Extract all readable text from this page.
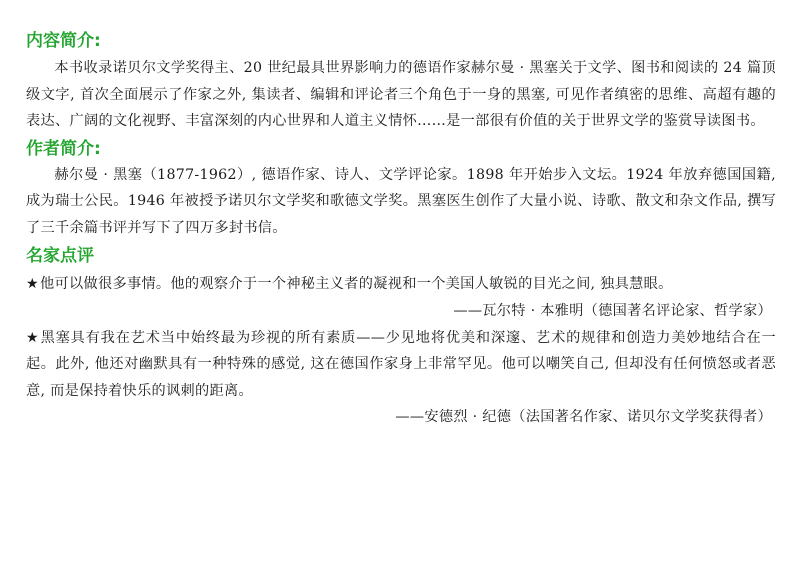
内容简介:

本书收录诺贝尔文学奖得主、20 世纪最具世界影响力的德语作家赫尔曼 · 黑塞关于文学、图书和阅读的 24 篇顶级文字, 首次全面展示了作家之外, 集读者、编辑和评论者三个角色于一身的黑塞, 可见作者缜密的思维、高超有趣的表达、广阔的文化视野、丰富深刻的内心世界和人道主义情怀……是一部很有价值的关于世界文学的鉴赏导读图书。

作者简介:

赫尔曼 · 黑塞（1877-1962）, 德语作家、诗人、文学评论家。1898 年开始步入文坛。1924 年放弃德国国籍, 成为瑞士公民。1946 年被授予诺贝尔文学奖和歌德文学奖。黑塞医生创作了大量小说、诗歌、散文和杂文作品, 撰写了三千余篇书评并写下了四万多封书信。

名家点评

★他可以做很多事情。他的观察介于一个神秘主义者的凝视和一个美国人敏锐的目光之间, 独具慧眼。

——瓦尔特 · 本雅明（德国著名评论家、哲学家）

★黑塞具有我在艺术当中始终最为珍视的所有素质——少见地将优美和深邃、艺术的规律和创造力美妙地结合在一起。此外, 他还对幽默具有一种特殊的感觉, 这在德国作家身上非常罕见。他可以嘲笑自己, 但却没有任何愤怒或者恶意, 而是保持着快乐的讽刺的距离。

——安德烈 · 纪德（法国著名作家、诺贝尔文学奖获得者）
